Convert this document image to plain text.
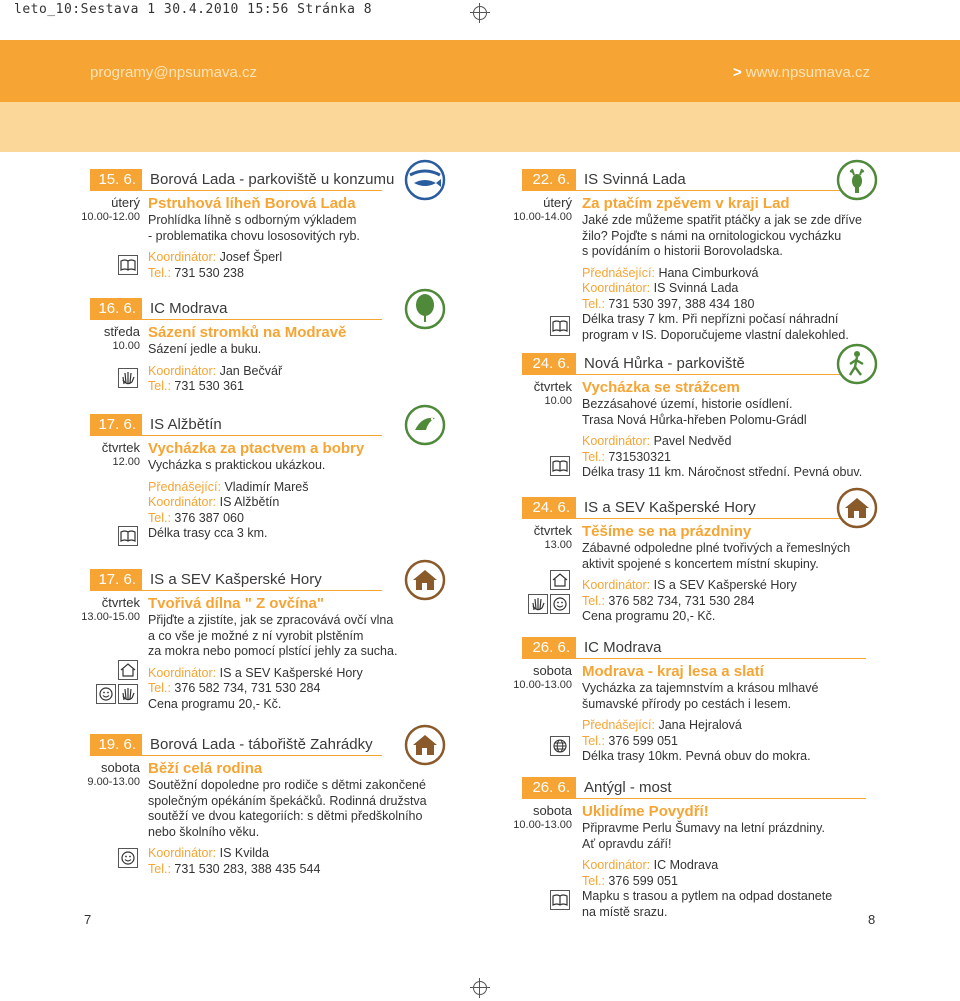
leto_10:Sestava 1 30.4.2010 15:56 Stránka 8
programy@npsumava.cz	> www.npsumava.cz
7	8
15. 6. Borová Lada - parkoviště u konzumu
úterý
10.00-12.00
Pstruhová líheň Borová Lada
Prohlídka líhně s odborným výkladem
- problematika chovu lososovitých ryb.
Koordinátor: Josef Šperl
Tel.: 731 530 238
16. 6. IC Modrava
středa
10.00
Sázení stromků na Modravě
Sázení jedle a buku.
Koordinátor: Jan Bečvář
Tel.: 731 530 361
17. 6. IS Alžbětín
čtvrtek
12.00
Vycházka za ptactvem a bobry
Vycházka s praktickou ukázkou.
Přednášející: Vladimír Mareš
Koordinátor: IS Alžbětín
Tel.: 376 387 060
Délka trasy cca 3 km.
17. 6. IS a SEV Kašperské Hory
čtvrtek
13.00-15.00
Tvořivá dílna " Z ovčína"
Přijďte a zjistíte, jak se zpracovává ovčí vlna
a co vše je možné z ní vyrobit plstěním
za mokra nebo pomocí plstící jehly za sucha.
Koordinátor: IS a SEV Kašperské Hory
Tel.: 376 582 734, 731 530 284
Cena programu 20,- Kč.
19. 6. Borová Lada - tábořiště Zahrádky
sobota
9.00-13.00
Běží celá rodina
Soutěžní dopoledne pro rodiče s dětmi zakončené
společným opékáním špekáčků. Rodinná družstva
soutěží ve dvou kategoriích: s dětmi předškolního
nebo školního věku.
Koordinátor: IS Kvilda
Tel.: 731 530 283, 388 435 544
22. 6. IS Svinná Lada
úterý
10.00-14.00
Za ptačím zpěvem v kraji Lad
Jaké zde můžeme spatřit ptáčky a jak se zde dříve
žilo? Pojďte s námi na ornitologickou vycházku
s povídáním o historii Borovoladska.
Přednášející: Hana Cimburková
Koordinátor: IS Svinná Lada
Tel.: 731 530 397, 388 434 180
Délka trasy 7 km. Při nepřízni počasí náhradní
program v IS. Doporučujeme vlastní dalekohled.
24. 6. Nová Hůrka - parkoviště
čtvrtek
10.00
Vycházka se strážcem
Bezzásahové území, historie osídlení.
Trasa Nová Hůrka-hřeben Polomu-Grádl
Koordinátor: Pavel Nedvěd
Tel.: 731530321
Délka trasy 11 km. Náročnost střední. Pevná obuv.
24. 6. IS a SEV Kašperské Hory
čtvrtek
13.00
Těšíme se na prázdniny
Zábavné odpoledne plné tvořivých a řemeslných
aktivit spojené s koncertem místní skupiny.
Koordinátor: IS a SEV Kašperské Hory
Tel.: 376 582 734, 731 530 284
Cena programu 20,- Kč.
26. 6. IC Modrava
sobota
10.00-13.00
Modrava - kraj lesa a slatí
Vycházka za tajemnstvím a krásou mlhavé
šumavské přírody po cestách i lesem.
Přednášející: Jana Hejralová
Tel.: 376 599 051
Délka trasy 10km. Pevná obuv do mokra.
26. 6. Antýgl - most
sobota
10.00-13.00
Uklidíme Povydří!
Připravme Perlu Šumavy na letní prázdniny.
Ať opravdu září!
Koordinátor: IC Modrava
Tel.: 376 599 051
Mapku s trasou a pytlem na odpad dostanete
na místě srazu.
